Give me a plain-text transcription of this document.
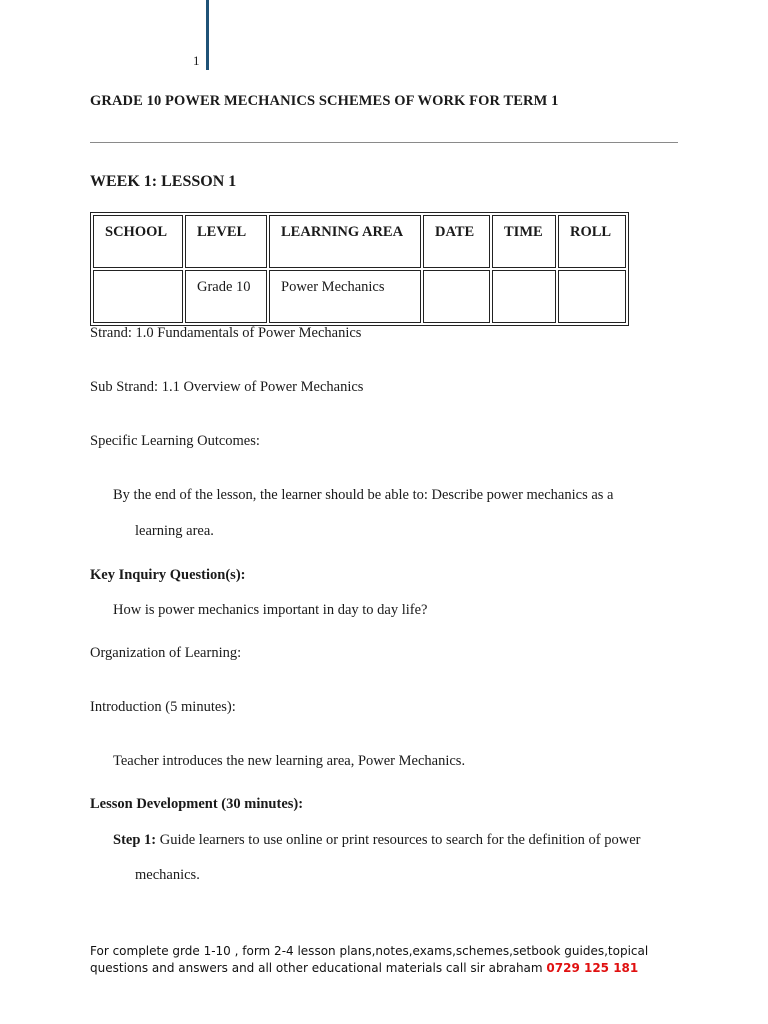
1
GRADE 10 POWER MECHANICS SCHEMES OF WORK FOR TERM 1
WEEK 1: LESSON 1
SCHOOL	LEVEL	LEARNING AREA	DATE	TIME	ROLL

	Grade 10	Power Mechanics			

Strand: 1.0 Fundamentals of Power Mechanics
Sub Strand: 1.1 Overview of Power Mechanics
Specific Learning Outcomes:
By the end of the lesson, the learner should be able to: Describe power mechanics as a
learning area.
Key Inquiry Question(s):
How is power mechanics important in day to day life?
Organization of Learning:
Introduction (5 minutes):
Teacher introduces the new learning area, Power Mechanics.
Lesson Development (30 minutes):
Step 1: Guide learners to use online or print resources to search for the definition of power
mechanics.
For complete grde 1-10 , form 2-4 lesson plans,notes,exams,schemes,setbook guides,topical
questions and answers and all other educational materials call sir abraham 0729 125 181
